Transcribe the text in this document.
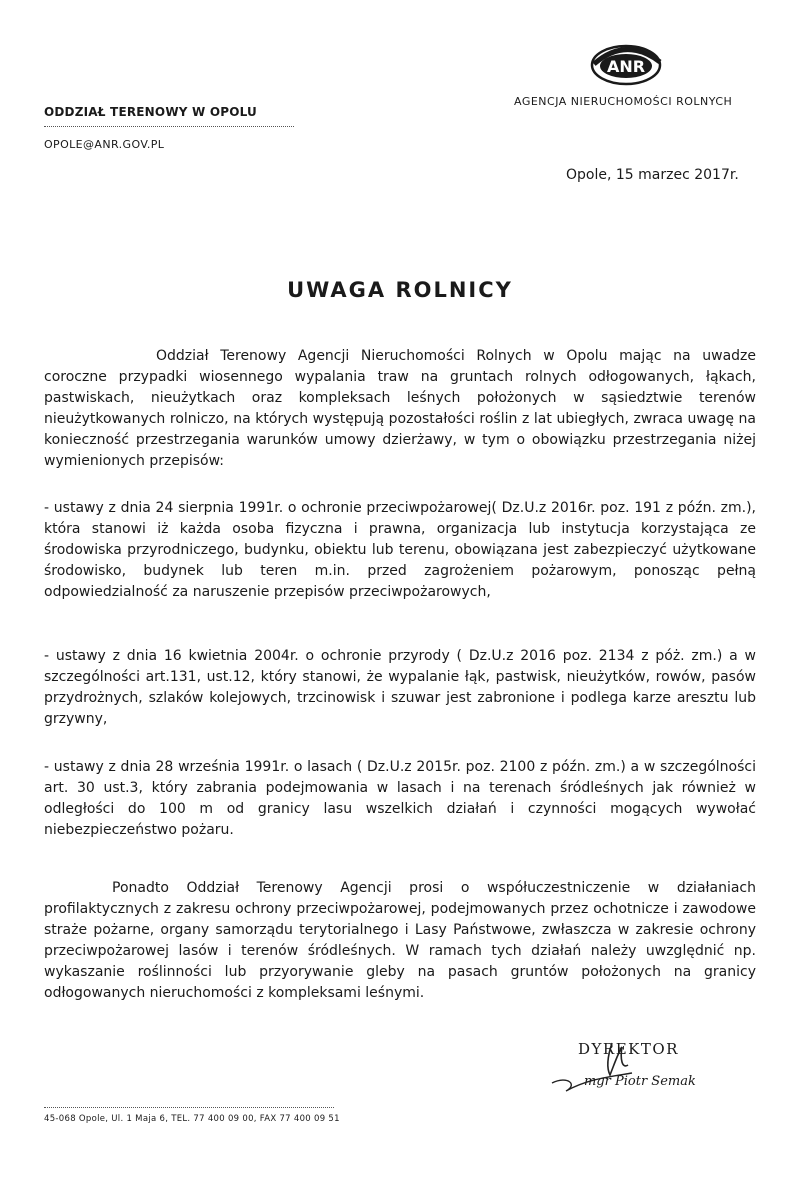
ODDZIAŁ TERENOWY W OPOLU
OPOLE@ANR.GOV.PL
ANR
AGENCJA NIERUCHOMOŚCI ROLNYCH
Opole, 15 marzec 2017r.
UWAGA ROLNICY
Oddział Terenowy Agencji Nieruchomości Rolnych w Opolu mając na uwadze coroczne przypadki wiosennego wypalania traw na gruntach rolnych odłogowanych, łąkach, pastwiskach, nieużytkach oraz kompleksach leśnych położonych w sąsiedztwie terenów nieużytkowanych rolniczo, na których występują pozostałości roślin z lat ubiegłych, zwraca uwagę na konieczność przestrzegania warunków umowy dzierżawy, w tym o obowiązku przestrzegania niżej wymienionych przepisów:
- ustawy z dnia 24 sierpnia 1991r. o ochronie przeciwpożarowej( Dz.U.z 2016r. poz. 191 z późn. zm.), która stanowi iż każda osoba fizyczna i prawna, organizacja lub instytucja korzystająca ze środowiska przyrodniczego, budynku, obiektu lub terenu, obowiązana jest zabezpieczyć użytkowane środowisko, budynek lub teren m.in. przed zagrożeniem pożarowym, ponosząc pełną odpowiedzialność za naruszenie przepisów przeciwpożarowych,
- ustawy z dnia 16 kwietnia 2004r. o ochronie przyrody ( Dz.U.z 2016 poz. 2134 z póż. zm.) a w szczególności art.131, ust.12, który stanowi, że wypalanie łąk, pastwisk, nieużytków, rowów, pasów przydrożnych, szlaków kolejowych, trzcinowisk i szuwar jest zabronione i podlega karze aresztu lub grzywny,
- ustawy z dnia 28 września 1991r. o lasach ( Dz.U.z 2015r. poz. 2100 z późn. zm.) a w szczególności art. 30 ust.3, który zabrania podejmowania w lasach i na terenach śródleśnych jak również w odległości do 100 m od granicy lasu wszelkich działań i czynności mogących wywołać niebezpieczeństwo pożaru.
Ponadto Oddział Terenowy Agencji prosi o współuczestniczenie w działaniach profilaktycznych z zakresu ochrony przeciwpożarowej, podejmowanych przez ochotnicze i zawodowe straże pożarne, organy samorządu terytorialnego i Lasy Państwowe, zwłaszcza w zakresie ochrony przeciwpożarowej lasów i terenów śródleśnych. W ramach tych działań należy uwzględnić np. wykaszanie roślinności lub przyorywanie gleby na pasach gruntów położonych na granicy odłogowanych nieruchomości z kompleksami leśnymi.
DYREKTOR
mgr Piotr Semak
45-068 Opole, Ul. 1 Maja 6, TEL. 77 400 09 00, FAX 77 400 09 51
